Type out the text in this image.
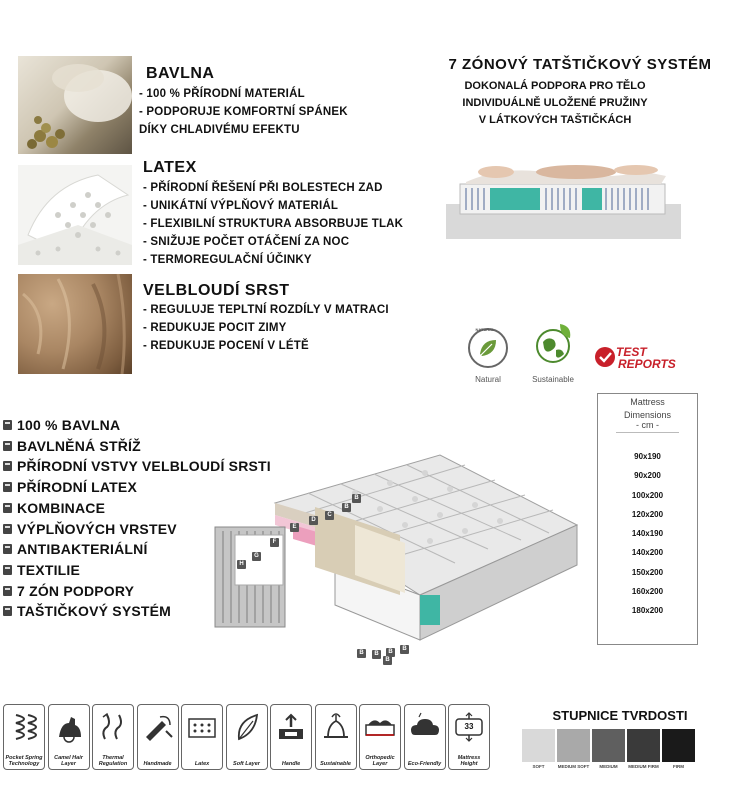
BAVLNA
- 100 % PŘÍRODNÍ MATERIÁL
- PODPORUJE KOMFORTNÍ SPÁNEK
DÍKY CHLADIVÉMU EFEKTU
LATEX
- PŘÍRODNÍ ŘEŠENÍ PŘI BOLESTECH ZAD
- UNIKÁTNÍ VÝPLŇOVÝ MATERIÁL
- FLEXIBILNÍ STRUKTURA ABSORBUJE TLAK
- SNIŽUJE POČET OTÁČENÍ ZA NOC
- TERMOREGULAČNÍ ÚČINKY
VELBLOUDÍ SRST
- REGULUJE TEPLTNÍ ROZDÍLY V MATRACI
- REDUKUJE POCIT ZIMY
- REDUKUJE POCENÍ V LÉTĚ
7 ZÓNOVÝ TATŠTIČKOVÝ SYSTÉM
DOKONALÁ PODPORA PRO TĚLO
INDIVIDUÁLNĚ ULOŽENÉ PRUŽINY
V LÁTKOVÝCH TAŠTIČKÁCH
NATURAL
Natural	Sustainable
TEST
REPORTS
Mattress
Dimensions
- cm -
90x190
90x200
100x200
120x200
140x190
140x200
150x200
160x200
180x200
100 % BAVLNA
BAVLNĚNÁ STŘÍŽ
PŘÍRODNÍ VSTVY VELBLOUDÍ SRSTI
PŘÍRODNÍ LATEX
KOMBINACE
VÝPLŇOVÝCH VRSTEV
ANTIBAKTERIÁLNÍ
TEXTILIE
7 ZÓN PODPORY
TAŠTIČKOVÝ SYSTÉM
B
B
C
D
E
F
G
H
B	B	B	B
B
Pocket Spring Technology
Camel Hair Layer
Thermal Regulation	Handmade	Latex	Soft Layer	Handle	Sustainable
Orthopedic Layer	Eco-Friendly
33
Mattress Height
STUPNICE TVRDOSTI
SOFT	MEDIUM SOFT	MEDIUM	MEDIUM FIRM	FIRM
